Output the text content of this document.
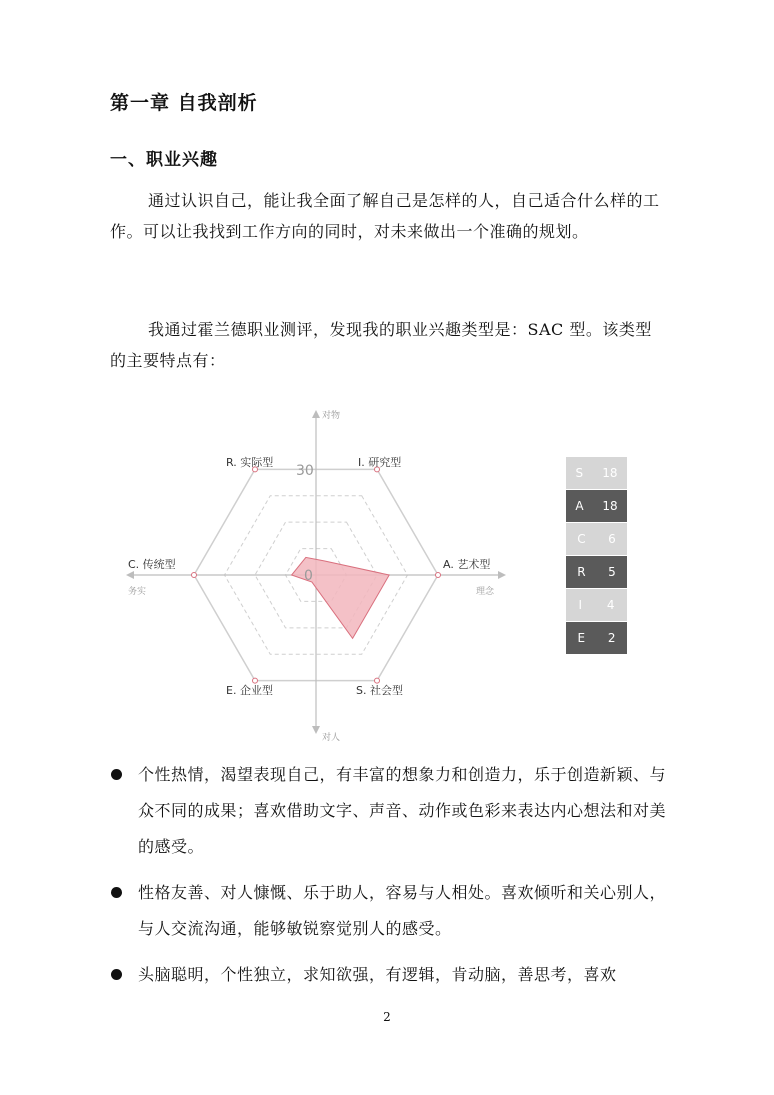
第一章 自我剖析
一、职业兴趣
通过认识自己，能让我全面了解自己是怎样的人，自己适合什么样的工作。可以让我找到工作方向的同时，对未来做出一个准确的规划。
我通过霍兰德职业测评，发现我的职业兴趣类型是：SAC 型。该类型的主要特点有：
30
0
I. 研究型
A. 艺术型
S. 社会型
E. 企业型
C. 传统型
R. 实际型
对物
对人
务实	理念
S 18
A 18
C 6
R 5
I 4
E 2
个性热情，渴望表现自己，有丰富的想象力和创造力，乐于创造新颖、与众不同的成果；喜欢借助文字、声音、动作或色彩来表达内心想法和对美的感受。
性格友善、对人慷慨、乐于助人，容易与人相处。喜欢倾听和关心别人，与人交流沟通，能够敏锐察觉别人的感受。
头脑聪明，个性独立，求知欲强，有逻辑，肯动脑，善思考，喜欢
2
